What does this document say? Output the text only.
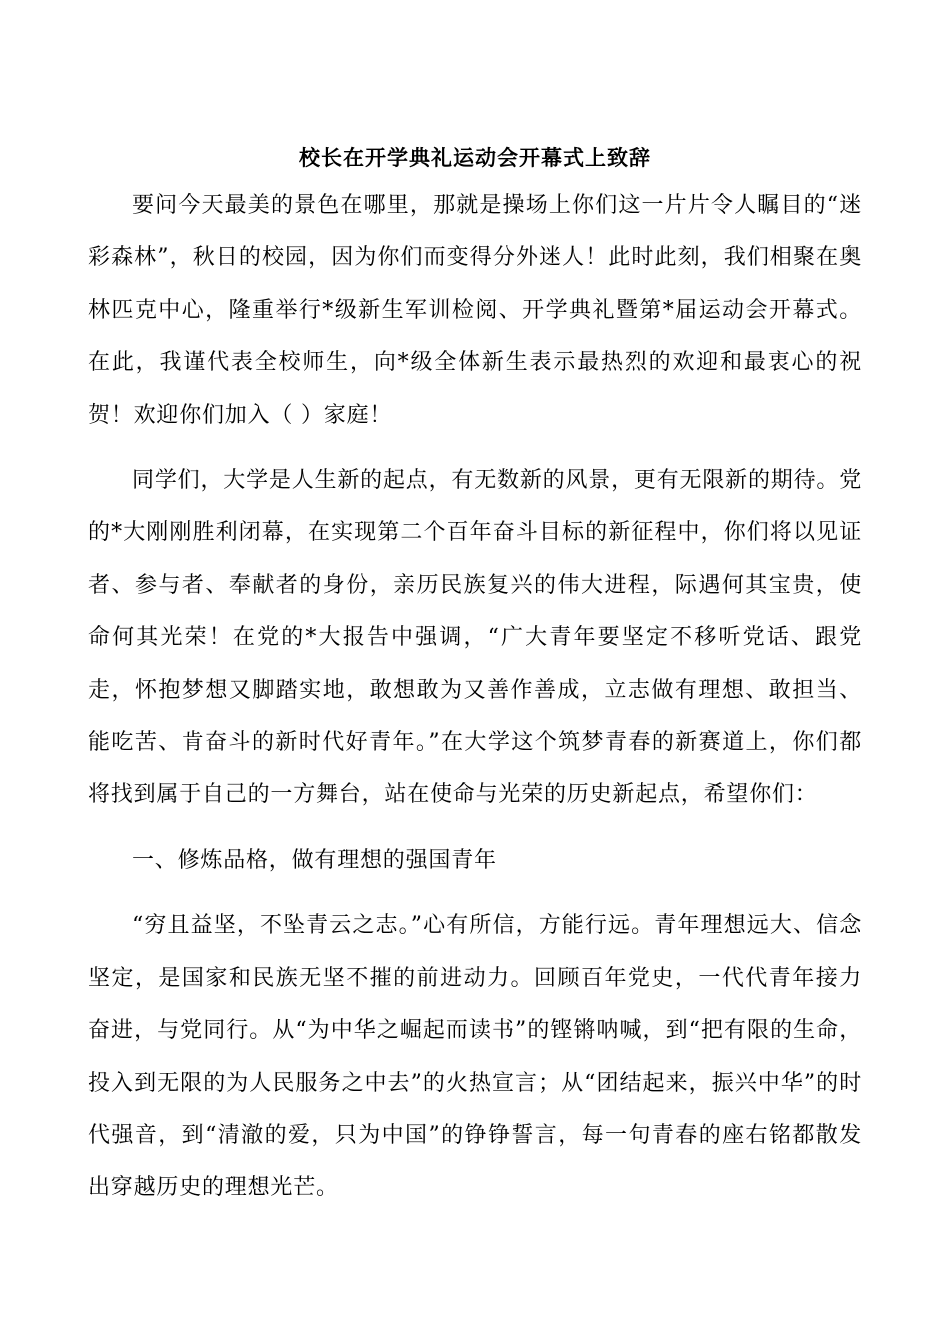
校长在开学典礼运动会开幕式上致辞

要问今天最美的景色在哪里，那就是操场上你们这一片片令人瞩目的“迷彩森林”，秋日的校园，因为你们而变得分外迷人！此时此刻，我们相聚在奥林匹克中心，隆重举行*级新生军训检阅、开学典礼暨第*届运动会开幕式。在此，我谨代表全校师生，向*级全体新生表示最热烈的欢迎和最衷心的祝贺！欢迎你们加入（ ）家庭！

同学们，大学是人生新的起点，有无数新的风景，更有无限新的期待。党的*大刚刚胜利闭幕，在实现第二个百年奋斗目标的新征程中，你们将以见证者、参与者、奉献者的身份，亲历民族复兴的伟大进程，际遇何其宝贵，使命何其光荣！在党的*大报告中强调，“广大青年要坚定不移听党话、跟党走，怀抱梦想又脚踏实地，敢想敢为又善作善成，立志做有理想、敢担当、能吃苦、肯奋斗的新时代好青年。”在大学这个筑梦青春的新赛道上，你们都将找到属于自己的一方舞台，站在使命与光荣的历史新起点，希望你们：

一、修炼品格，做有理想的强国青年

“穷且益坚，不坠青云之志。”心有所信，方能行远。青年理想远大、信念坚定，是国家和民族无坚不摧的前进动力。回顾百年党史，一代代青年接力奋进，与党同行。从“为中华之崛起而读书”的铿锵呐喊，到“把有限的生命，投入到无限的为人民服务之中去”的火热宣言；从“团结起来，振兴中华”的时代强音，到“清澈的爱，只为中国”的铮铮誓言，每一句青春的座右铭都散发出穿越历史的理想光芒。
